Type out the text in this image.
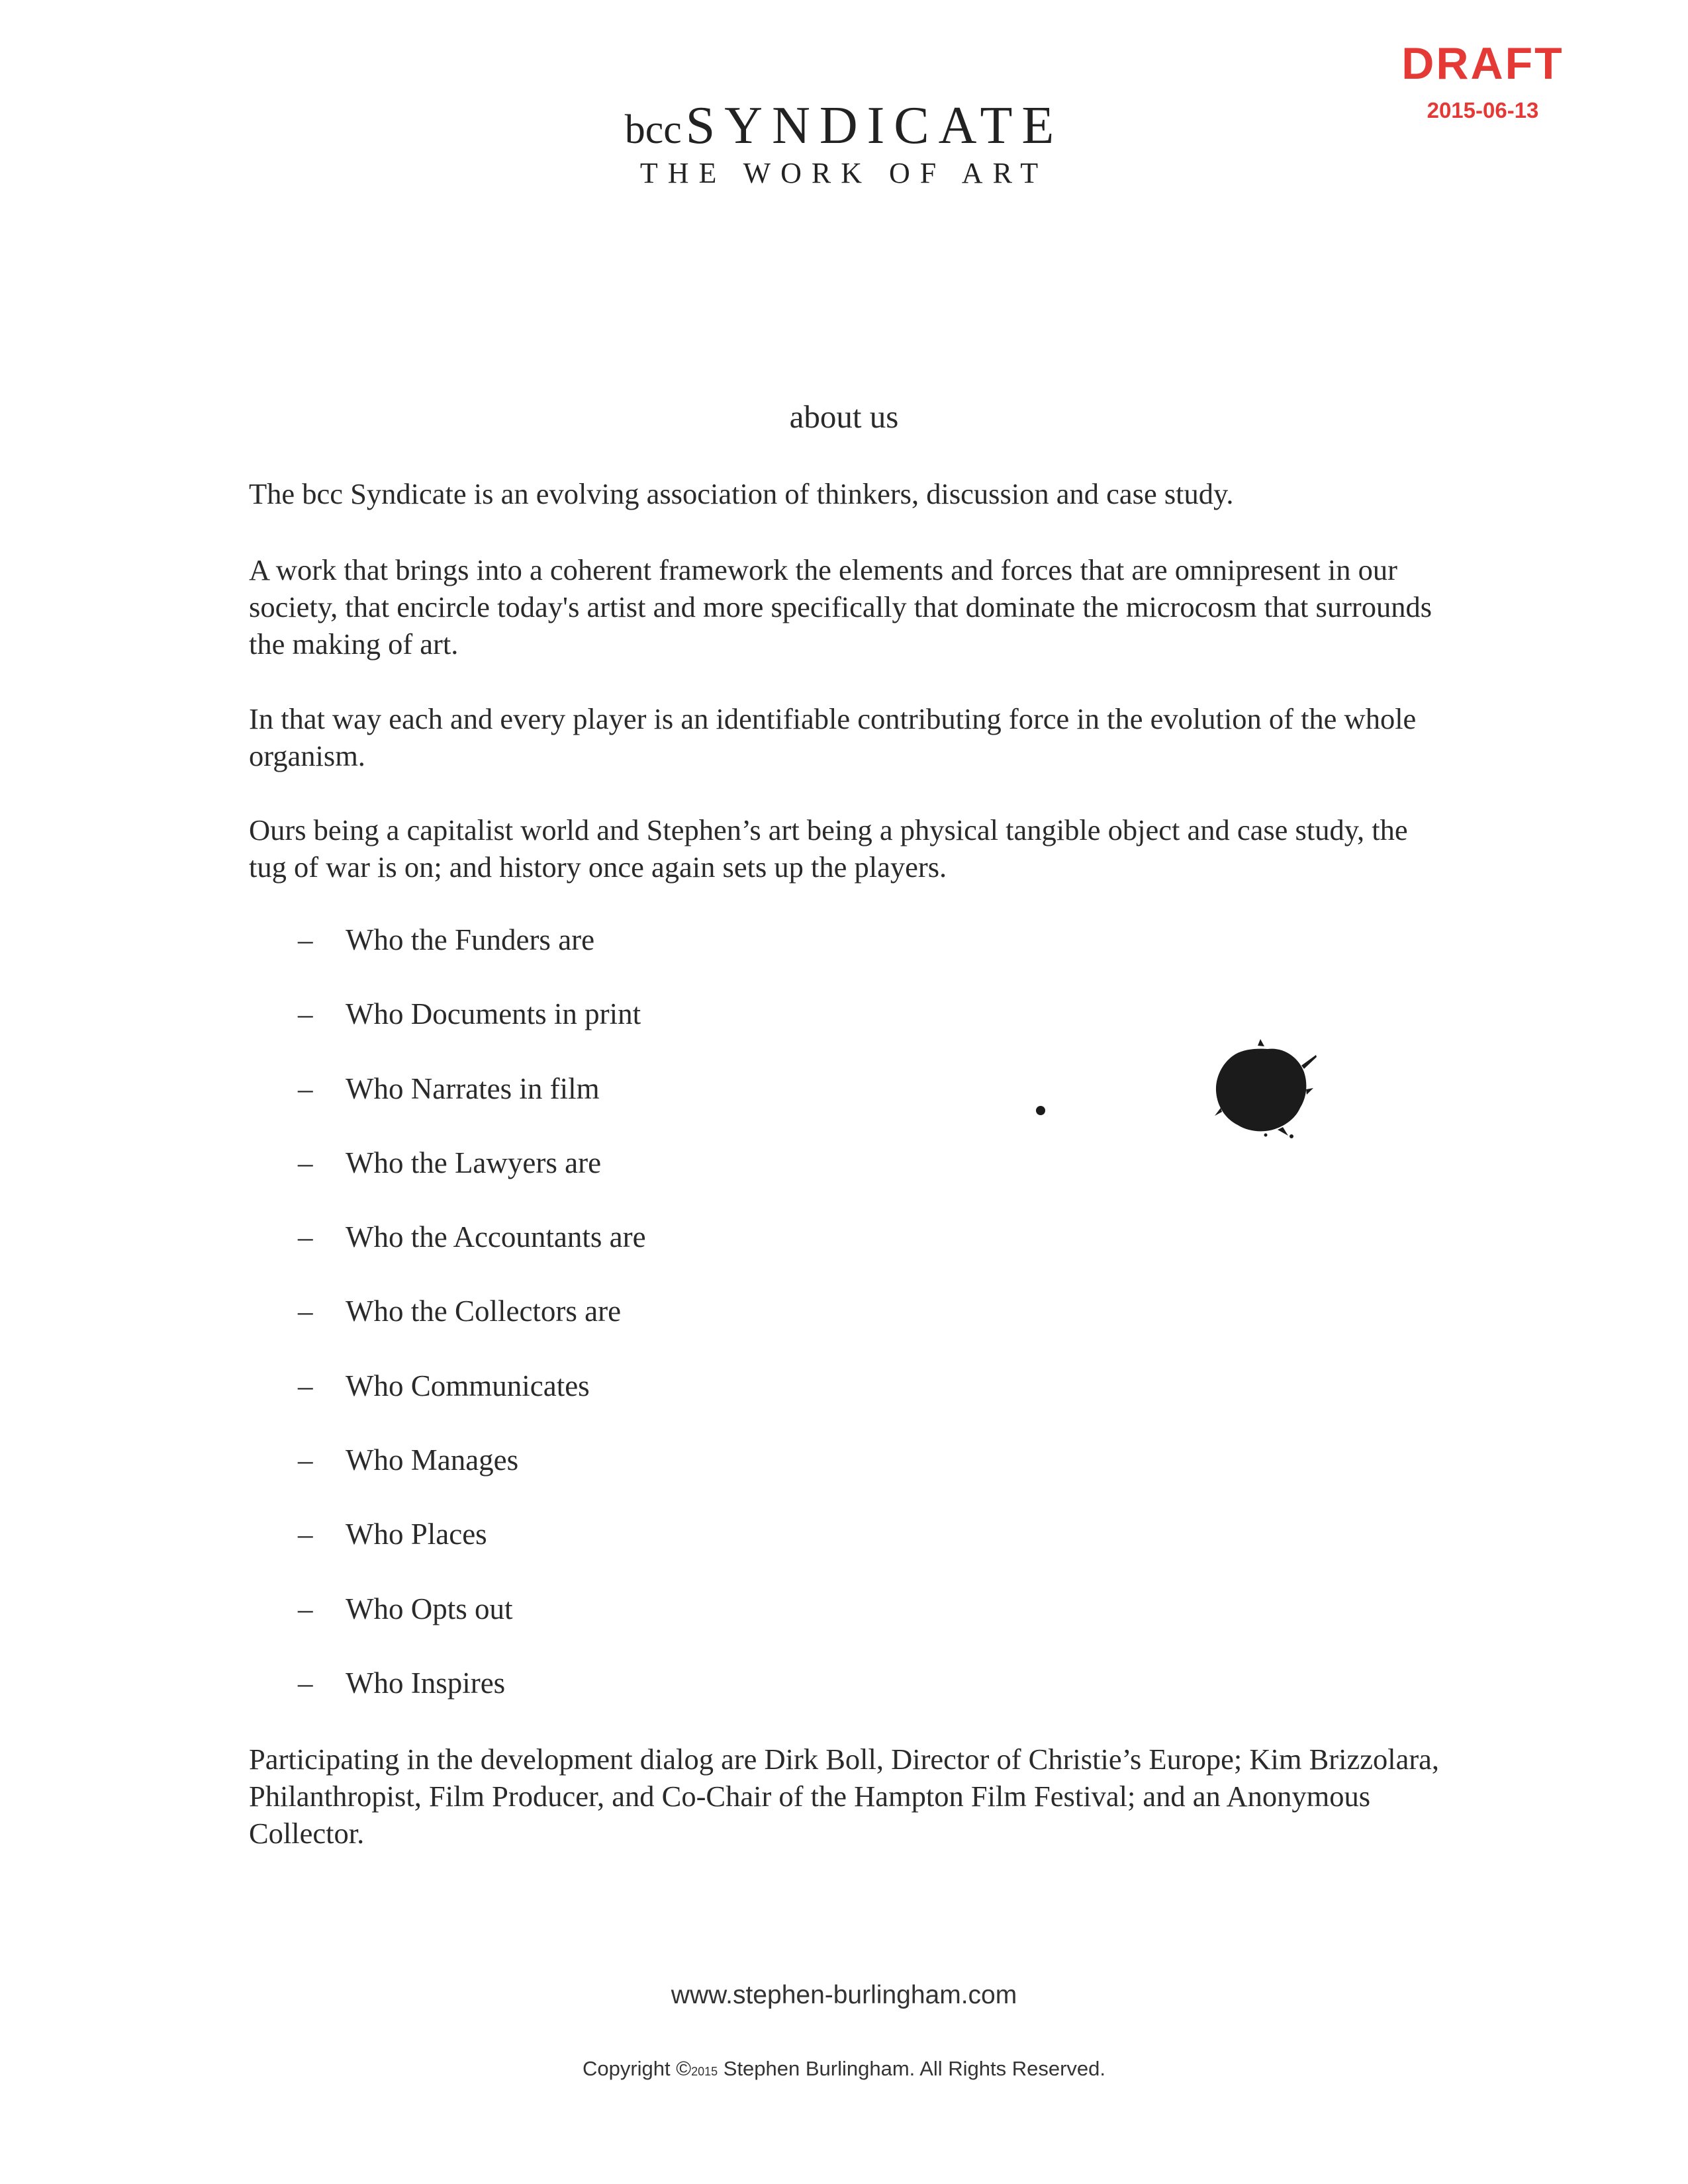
DRAFT
2015-06-13
bccSYNDICATE
THE WORK OF ART
about us

The bcc Syndicate is an evolving association of thinkers, discussion and case study.

A work that brings into a coherent framework the elements and forces that are omnipresent in our society, that encircle today's artist and more specifically that dominate the microcosm that surrounds the making of art.

In that way each and every player is an identifiable contributing force in the evolution of the whole organism.

Ours being a capitalist world and Stephen’s art being a physical tangible object and case study, the tug of war is on; and history once again sets up the players.

–	Who the Funders are
–	Who Documents in print
–	Who Narrates in film
–	Who the Lawyers are
–	Who the Accountants are
–	Who the Collectors are
–	Who Communicates
–	Who Manages
–	Who Places
–	Who Opts out
–	Who Inspires

Participating in the development dialog are Dirk Boll, Director of Christie’s Europe; Kim Brizzolara, Philanthropist, Film Producer, and Co-Chair of the Hampton Film Festival; and an Anonymous Collector.

www.stephen-burlingham.com
Copyright ©2015 Stephen Burlingham. All Rights Reserved.
